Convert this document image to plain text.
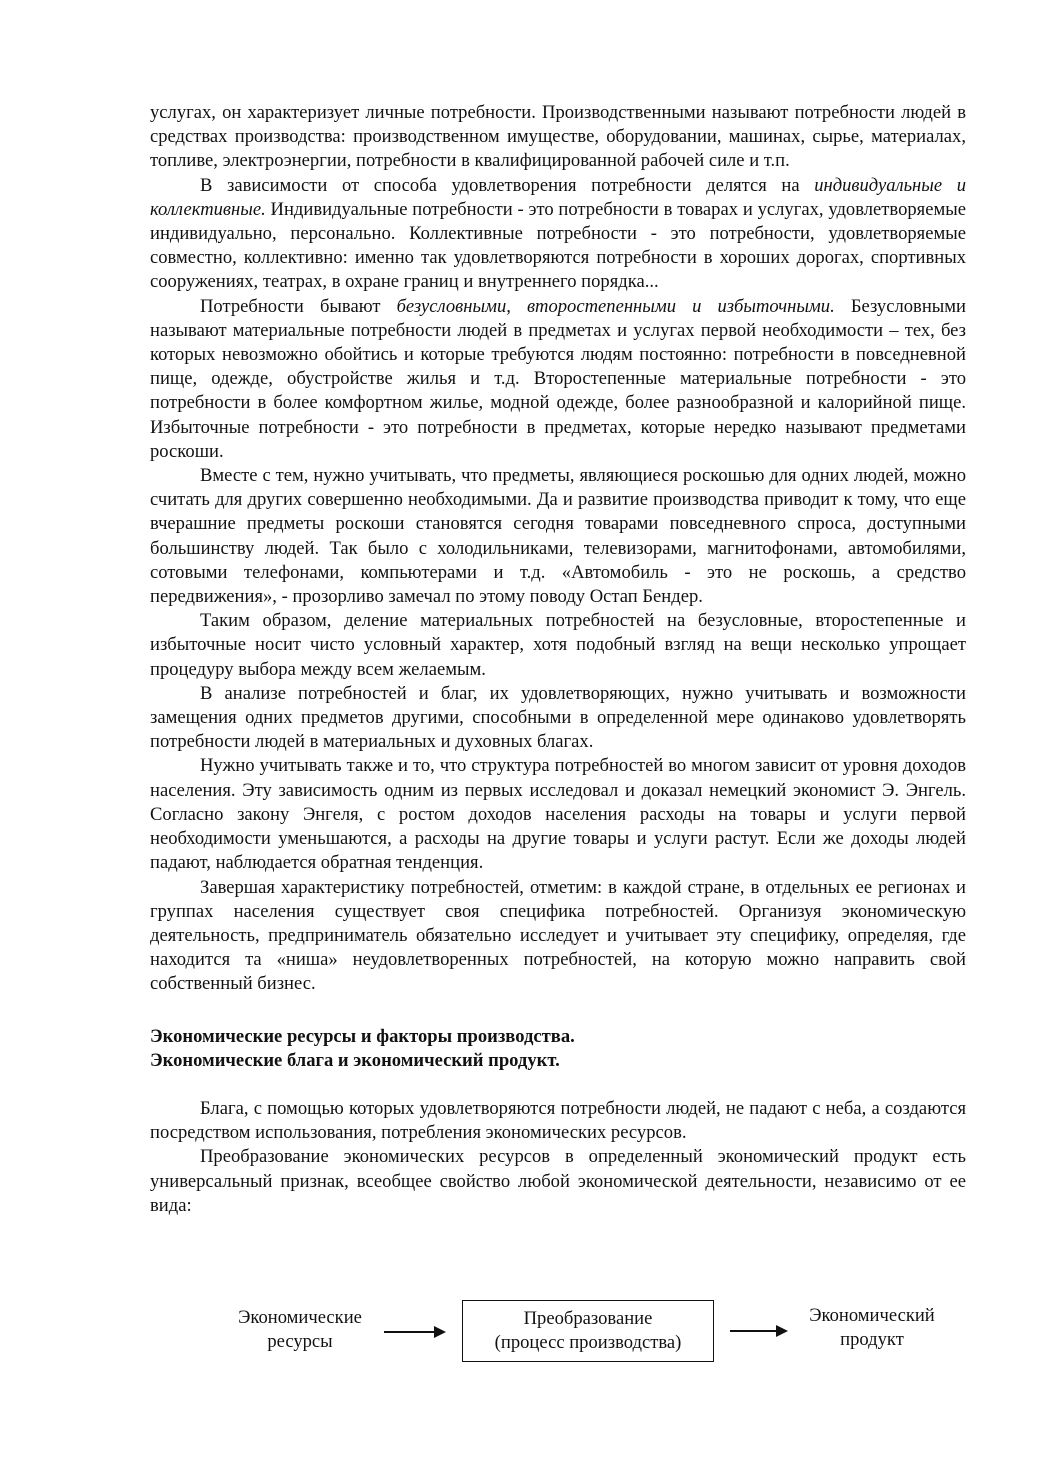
услугах, он характеризует личные потребности. Производственными называют потребности людей в средствах производства: производственном имуществе, оборудовании, машинах, сырье, материалах, топливе, электроэнергии, потребности в квалифицированной рабочей силе и т.п.

В зависимости от способа удовлетворения потребности делятся на индивидуальные и коллективные. Индивидуальные потребности - это потребности в товарах и услугах, удовлетворяемые индивидуально, персонально. Коллективные потребности - это потребности, удовлетворяемые совместно, коллективно: именно так удовлетворяются потребности в хороших дорогах, спортивных сооружениях, театрах, в охране границ и внутреннего порядка...

Потребности бывают безусловными, второстепенными и избыточными. Безусловными называют материальные потребности людей в предметах и услугах первой необходимости – тех, без которых невозможно обойтись и которые требуются людям постоянно: потребности в повседневной пище, одежде, обустройстве жилья и т.д. Второстепенные материальные потребности - это потребности в более комфортном жилье, модной одежде, более разнообразной и калорийной пище. Избыточные потребности - это потребности в предметах, которые нередко называют предметами роскоши.

Вместе с тем, нужно учитывать, что предметы, являющиеся роскошью для одних людей, можно считать для других совершенно необходимыми. Да и развитие производства приводит к тому, что еще вчерашние предметы роскоши становятся сегодня товарами повседневного спроса, доступными большинству людей. Так было с холодильниками, телевизорами, магнитофонами, автомобилями, сотовыми телефонами, компьютерами и т.д. «Автомобиль - это не роскошь, а средство передвижения», - прозорливо замечал по этому поводу Остап Бендер.

Таким образом, деление материальных потребностей на безусловные, второстепенные и избыточные носит чисто условный характер, хотя подобный взгляд на вещи несколько упрощает процедуру выбора между всем желаемым.

В анализе потребностей и благ, их удовлетворяющих, нужно учитывать и возможности замещения одних предметов другими, способными в определенной мере одинаково удовлетворять потребности людей в материальных и духовных благах.

Нужно учитывать также и то, что структура потребностей во многом зависит от уровня доходов населения. Эту зависимость одним из первых исследовал и доказал немецкий экономист Э. Энгель. Согласно закону Энгеля, с ростом доходов населения расходы на товары и услуги первой необходимости уменьшаются, а расходы на другие товары и услуги растут. Если же доходы людей падают, наблюдается обратная тенденция.

Завершая характеристику потребностей, отметим: в каждой стране, в отдельных ее регионах и группах населения существует своя специфика потребностей. Организуя экономическую деятельность, предприниматель обязательно исследует и учитывает эту специфику, определяя, где находится та «ниша» неудовлетворенных потребностей, на которую можно направить свой собственный бизнес.

Экономические ресурсы и факторы производства.
Экономические блага и экономический продукт.

Блага, с помощью которых удовлетворяются потребности людей, не падают с неба, а создаются посредством использования, потребления экономических ресурсов.

Преобразование экономических ресурсов в определенный экономический продукт есть универсальный признак, всеобщее свойство любой экономической деятельности, независимо от ее вида:

Экономические
ресурсы
Преобразование
(процесс производства)
Экономический
продукт
